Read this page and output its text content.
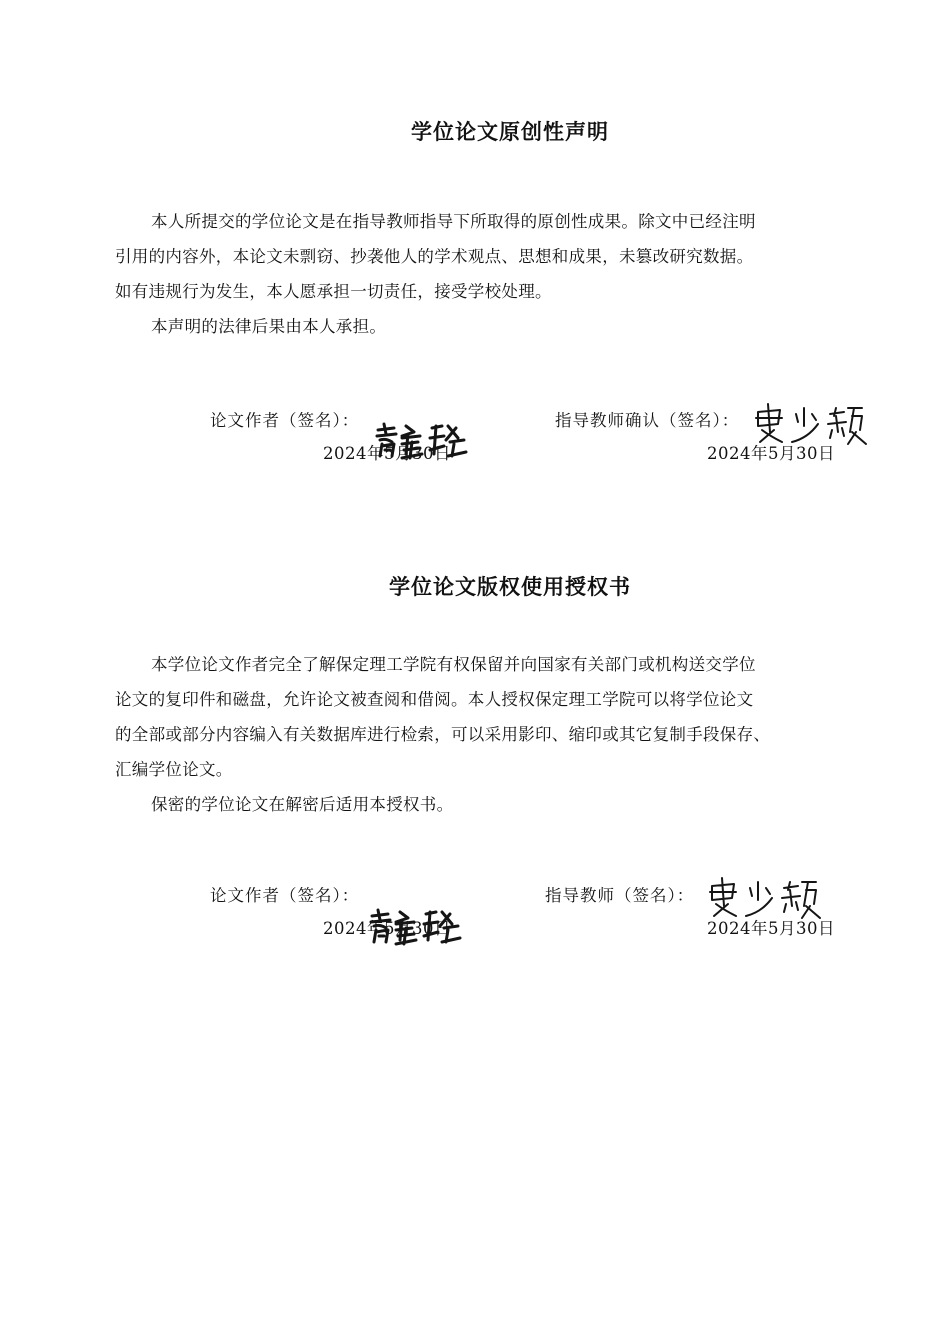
学位论文原创性声明

本人所提交的学位论文是在指导教师指导下所取得的原创性成果。除文中已经注明

引用的内容外，本论文未剽窃、抄袭他人的学术观点、思想和成果，未篡改研究数据。

如有违规行为发生，本人愿承担一切责任，接受学校处理。

本声明的法律后果由本人承担。

论文作者（签名）：
2024年5月30日
指导教师确认（签名）：
2024年5月30日
学位论文版权使用授权书

本学位论文作者完全了解保定理工学院有权保留并向国家有关部门或机构送交学位

论文的复印件和磁盘，允许论文被查阅和借阅。本人授权保定理工学院可以将学位论文

的全部或部分内容编入有关数据库进行检索，可以采用影印、缩印或其它复制手段保存、

汇编学位论文。

保密的学位论文在解密后适用本授权书。

论文作者（签名）：
2024年5月30日
指导教师（签名）：
2024年5月30日
